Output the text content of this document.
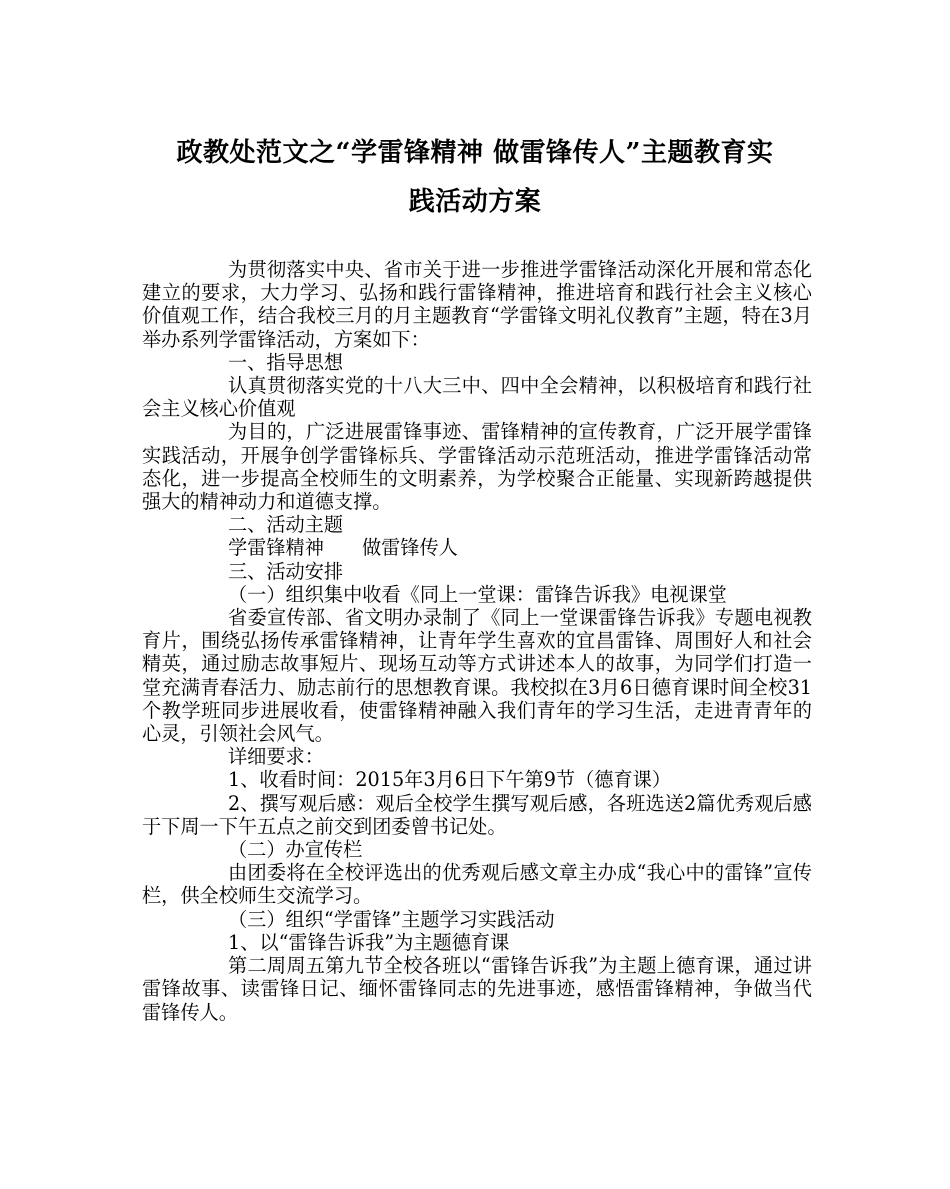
政教处范文之“学雷锋精神 做雷锋传人”主题教育实
践活动方案

为贯彻落实中央、省市关于进一步推进学雷锋活动深化开展和常态化建立的要求，大力学习、弘扬和践行雷锋精神，推进培育和践行社会主义核心价值观工作，结合我校三月的月主题教育“学雷锋文明礼仪教育”主题，特在3月举办系列学雷锋活动，方案如下：

一、指导思想

认真贯彻落实党的十八大三中、四中全会精神，以积极培育和践行社会主义核心价值观

为目的，广泛进展雷锋事迹、雷锋精神的宣传教育，广泛开展学雷锋实践活动，开展争创学雷锋标兵、学雷锋活动示范班活动，推进学雷锋活动常态化，进一步提高全校师生的文明素养，为学校聚合正能量、实现新跨越提供强大的精神动力和道德支撑。

二、活动主题

学雷锋精神 做雷锋传人

三、活动安排

（一）组织集中收看《同上一堂课：雷锋告诉我》电视课堂

省委宣传部、省文明办录制了《同上一堂课雷锋告诉我》专题电视教育片，围绕弘扬传承雷锋精神，让青年学生喜欢的宜昌雷锋、周围好人和社会精英，通过励志故事短片、现场互动等方式讲述本人的故事，为同学们打造一堂充满青春活力、励志前行的思想教育课。我校拟在3月6日德育课时间全校31个教学班同步进展收看，使雷锋精神融入我们青年的学习生活，走进青青年的心灵，引领社会风气。

详细要求：

1、收看时间：2015年3月6日下午第9节（德育课）

2、撰写观后感：观后全校学生撰写观后感，各班选送2篇优秀观后感于下周一下午五点之前交到团委曾书记处。

（二）办宣传栏

由团委将在全校评选出的优秀观后感文章主办成“我心中的雷锋”宣传栏，供全校师生交流学习。

（三）组织“学雷锋”主题学习实践活动

1、以“雷锋告诉我”为主题德育课

第二周周五第九节全校各班以“雷锋告诉我”为主题上德育课，通过讲雷锋故事、读雷锋日记、缅怀雷锋同志的先进事迹，感悟雷锋精神，争做当代雷锋传人。
